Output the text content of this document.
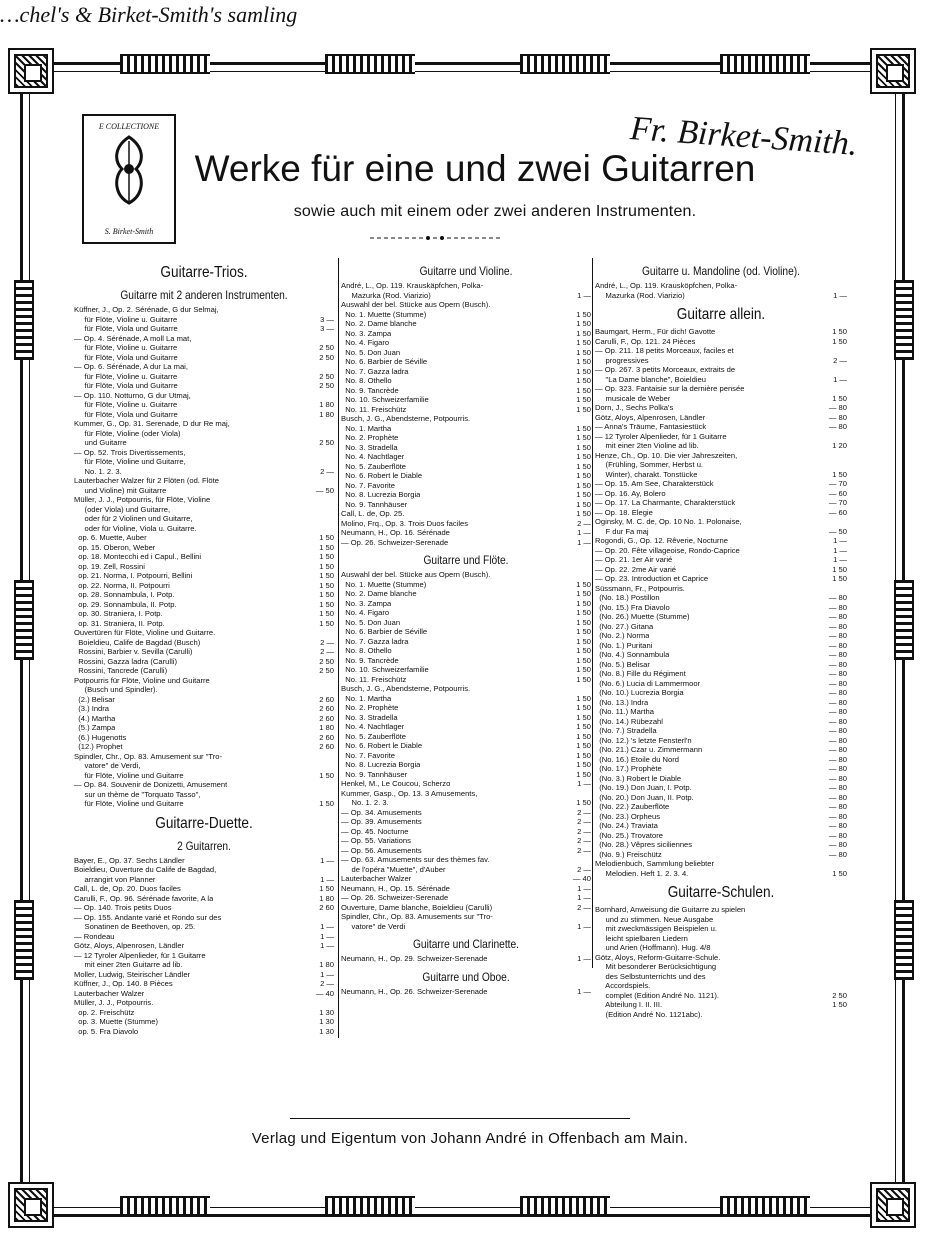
…chel's & Birket-Smith's samling
E COLLECTIONE
S. Birket-Smith
Fr. Birket-Smith.
Werke für eine und zwei Guitarren
sowie auch mit einem oder zwei anderen Instrumenten.
Guitarre-Trios.
Guitarre mit 2 anderen Instrumenten.
Küffner, J., Op. 2. Sérénade, G dur Selmaj,
für Flöte, Violine u. Guitarre	3 —
für Flöte, Viola und Guitarre	3 —
— Op. 4. Sérénade, A moll La mat,
für Flöte, Violine u. Guitarre	2 50
für Flöte, Viola und Guitarre	2 50
— Op. 6. Sérénade, A dur La mai,
für Flöte, Violine u. Guitarre	2 50
für Flöte, Viola und Guitarre	2 50
— Op. 110. Notturno, G dur Utmaj,
für Flöte, Violine u. Guitarre	1 80
für Flöte, Viola und Guitarre	1 80
Kummer, G., Op. 31. Serenade, D dur Re maj,
für Flöte, Violine (oder Viola)
und Guitarre	2 50
— Op. 52. Trois Divertissements,
für Flöte, Violine und Guitarre,
No. 1. 2. 3.	2 —
Lauterbacher Walzer für 2 Flöten (od. Flöte
und Violine) mit Guitarre	— 50
Müller, J. J., Potpourris, für Flöte, Violine
(oder Viola) und Guitarre,
oder für 2 Violinen und Guitarre,
oder für Violine, Viola u. Guitarre.
op. 6. Muette, Auber	1 50
op. 15. Oberon, Weber	1 50
op. 18. Montecchi ed i Capul., Bellini	1 50
op. 19. Zell, Rossini	1 50
op. 21. Norma, I. Potpourri, Bellini	1 50
op. 22. Norma, II. Potpourri	1 50
op. 28. Sonnambula, I. Potp.	1 50
op. 29. Sonnambula, II. Potp.	1 50
op. 30. Straniera, I. Potp.	1 50
op. 31. Straniera, II. Potp.	1 50
Ouvertüren für Flöte, Violine und Guitarre.
Boieldieu, Calife de Bagdad (Busch)	2 —
Rossini, Barbier v. Sevilla (Carulli)	2 —
Rossini, Gazza ladra (Carulli)	2 50
Rossini, Tancrede (Carulli)	2 50
Potpourris für Flöte, Violine und Guitarre
(Busch und Spindler).
(2.) Belisar	2 60
(3.) Indra	2 60
(4.) Martha	2 60
(5.) Zampa	1 80
(6.) Hugenotts	2 60
(12.) Prophet	2 60
Spindler, Chr., Op. 83. Amusement sur "Tro-
vatore" de Verdi,
für Flöte, Violine und Guitarre	1 50
— Op. 84. Souvenir de Donizetti, Amusement
sur un thème de "Torquato Tasso",
für Flöte, Violine und Guitarre	1 50
Guitarre-Duette.
2 Guitarren.
Bayer, E., Op. 37. Sechs Ländler	1 —
Boieldieu, Ouverture du Calife de Bagdad,
arrangirt von Planner	1 —
Call, L. de, Op. 20. Duos faciles	1 50
Carulli, F., Op. 96. Sérénade favorite, A la	1 80
— Op. 140. Trois petits Duos	2 60
— Op. 155. Andante varié et Rondo sur des
Sonatinen de Beethoven, op. 25.	1 —
— Rondeau	1 —
Götz, Aloys, Alpenrosen, Ländler	1 —
— 12 Tyroler Alpenlieder, für 1 Guitarre
mit einer 2ten Guitarre ad lib.	1 80
Moller, Ludwig, Steirischer Ländler	1 —
Küffner, J., Op. 140. 8 Pièces	2 —
Lauterbacher Walzer	— 40
Müller, J. J., Potpourris.
op. 2. Freischütz	1 30
op. 3. Muette (Stumme)	1 30
op. 5. Fra Diavolo	1 30
Guitarre und Violine.
André, L., Op. 119. Krauskäpfchen, Polka-
Mazurka (Rod. Viarizio)	1 —
Auswahl der bel. Stücke aus Opern (Busch).
No. 1. Muette (Stumme)	1 50
No. 2. Dame blanche	1 50
No. 3. Zampa	1 50
No. 4. Figaro	1 50
No. 5. Don Juan	1 50
No. 6. Barbier de Séville	1 50
No. 7. Gazza ladra	1 50
No. 8. Othello	1 50
No. 9. Tancrède	1 50
No. 10. Schweizerfamilie	1 50
No. 11. Freischütz	1 50
Busch, J. G., Abendsterne, Potpourris.
No. 1. Martha	1 50
No. 2. Prophète	1 50
No. 3. Stradella	1 50
No. 4. Nachtlager	1 50
No. 5. Zauberflöte	1 50
No. 6. Robert le Diable	1 50
No. 7. Favorite	1 50
No. 8. Lucrezia Borgia	1 50
No. 9. Tannhäuser	1 50
Call, L. de, Op. 25.	1 50
Molino, Frq., Op. 3. Trois Duos faciles	2 —
Neumann, H., Op. 16. Sérénade	1 —
— Op. 26. Schweizer-Serenade	1 —
Guitarre und Flöte.
Auswahl der bel. Stücke aus Opern (Busch).
No. 1. Muette (Stumme)	1 50
No. 2. Dame blanche	1 50
No. 3. Zampa	1 50
No. 4. Figaro	1 50
No. 5. Don Juan	1 50
No. 6. Barbier de Séville	1 50
No. 7. Gazza ladra	1 50
No. 8. Othello	1 50
No. 9. Tancrède	1 50
No. 10. Schweizerfamilie	1 50
No. 11. Freischütz	1 50
Busch, J. G., Abendsterne, Potpourris.
No. 1. Martha	1 50
No. 2. Prophète	1 50
No. 3. Stradella	1 50
No. 4. Nachtlager	1 50
No. 5. Zauberflöte	1 50
No. 6. Robert le Diable	1 50
No. 7. Favorite	1 50
No. 8. Lucrezia Borgia	1 50
No. 9. Tannhäuser	1 50
Henkel, M., Le Coucou, Scherzo	1 —
Kummer, Gasp., Op. 13. 3 Amusements,
No. 1. 2. 3.	1 50
— Op. 34. Amusements	2 —
— Op. 39. Amusements	2 —
— Op. 45. Nocturne	2 —
— Op. 55. Variations	2 —
— Op. 56. Amusements	2 —
— Op. 63. Amusements sur des thèmes fav.
de l'opéra "Muette", d'Auber	2 —
Lauterbacher Walzer	— 40
Neumann, H., Op. 15. Sérénade	1 —
— Op. 26. Schweizer-Serenade	1 —
Ouverture, Dame blanche, Boieldieu (Carulli)	2 —
Spindler, Chr., Op. 83. Amusements sur "Tro-
vatore" de Verdi	1 —
Guitarre und Clarinette.
Neumann, H., Op. 29. Schweizer-Serenade	1 —
Guitarre und Oboe.
Neumann, H., Op. 26. Schweizer-Serenade	1 —
Guitarre u. Mandoline (od. Violine).
André, L., Op. 119. Krausköpfchen, Polka-
Mazurka (Rod. Viarizio)	1 —
Guitarre allein.
Baumgart, Herm., Für dich! Gavotte	1 50
Carulli, F., Op. 121. 24 Pièces	1 50
— Op. 211. 18 petits Morceaux, faciles et
progressives	2 —
— Op. 267. 3 petits Morceaux, extraits de
"La Dame blanche", Boieldieu	1 —
— Op. 323. Fantaisie sur la dernière pensée
musicale de Weber	1 50
Dorn, J., Sechs Polka's	— 80
Götz, Aloys, Alpenrosen, Ländler	— 80
— Anna's Träume, Fantasiestück	— 80
— 12 Tyroler Alpenlieder, für 1 Guitarre
mit einer 2ten Violine ad lib.	1 20
Henze, Ch., Op. 10. Die vier Jahreszeiten,
(Frühling, Sommer, Herbst u.
Winter), charakt. Tonstücke	1 50
— Op. 15. Am See, Charakterstück	— 70
— Op. 16. Ay, Bolero	— 60
— Op. 17. La Charmante, Charakterstück	— 70
— Op. 18. Elegie	— 60
Oginsky, M. C. de, Op. 10 No. 1. Polonaise,
F dur Fa maj	— 50
Rogondi, G., Op. 12. Rêverie, Nocturne	1 —
— Op. 20. Fête villageoise, Rondo-Caprice	1 —
— Op. 21. 1er Air varié	1 —
— Op. 22. 2me Air varié	1 50
— Op. 23. Introduction et Caprice	1 50
Süssmann, Fr., Potpourris.
(No. 18.) Postillon	— 80
(No. 15.) Fra Diavolo	— 80
(No. 26.) Muette (Stumme)	— 80
(No. 27.) Gitana	— 80
(No. 2.) Norma	— 80
(No. 1.) Puritani	— 80
(No. 4.) Sonnambula	— 80
(No. 5.) Belisar	— 80
(No. 8.) Fille du Régiment	— 80
(No. 6.) Lucia di Lammermoor	— 80
(No. 10.) Lucrezia Borgia	— 80
(No. 13.) Indra	— 80
(No. 11.) Martha	— 80
(No. 14.) Rübezahl	— 80
(No. 7.) Stradella	— 80
(No. 12.) 's letzte Fensterl'n	— 80
(No. 21.) Czar u. Zimmermann	— 80
(No. 16.) Etoile du Nord	— 80
(No. 17.) Prophète	— 80
(No. 3.) Robert le Diable	— 80
(No. 19.) Don Juan, I. Potp.	— 80
(No. 20.) Don Juan, II. Potp.	— 80
(No. 22.) Zauberflöte	— 80
(No. 23.) Orpheus	— 80
(No. 24.) Traviata	— 80
(No. 25.) Trovatore	— 80
(No. 28.) Vêpres siciliennes	— 80
(No. 9.) Freischütz	— 80
Melodienbuch, Sammlung beliebter
Melodien. Heft 1. 2. 3. 4.	1 50
Guitarre-Schulen.
Bornhard, Anweisung die Guitarre zu spielen
und zu stimmen. Neue Ausgabe
mit zweckmässigen Beispielen u.
leicht spielbaren Liedern
und Arien (Hoffmann). Hug. 4/8
Götz, Aloys, Reform-Guitarre-Schule.
Mit besonderer Berücksichtigung
des Selbstunterrichts und des
Accordspiels.
complet (Edition André No. 1121).	2 50
Abteilung I. II. III.	1 50
(Edition André No. 1121abc).
Verlag und Eigentum von Johann André in Offenbach am Main.
